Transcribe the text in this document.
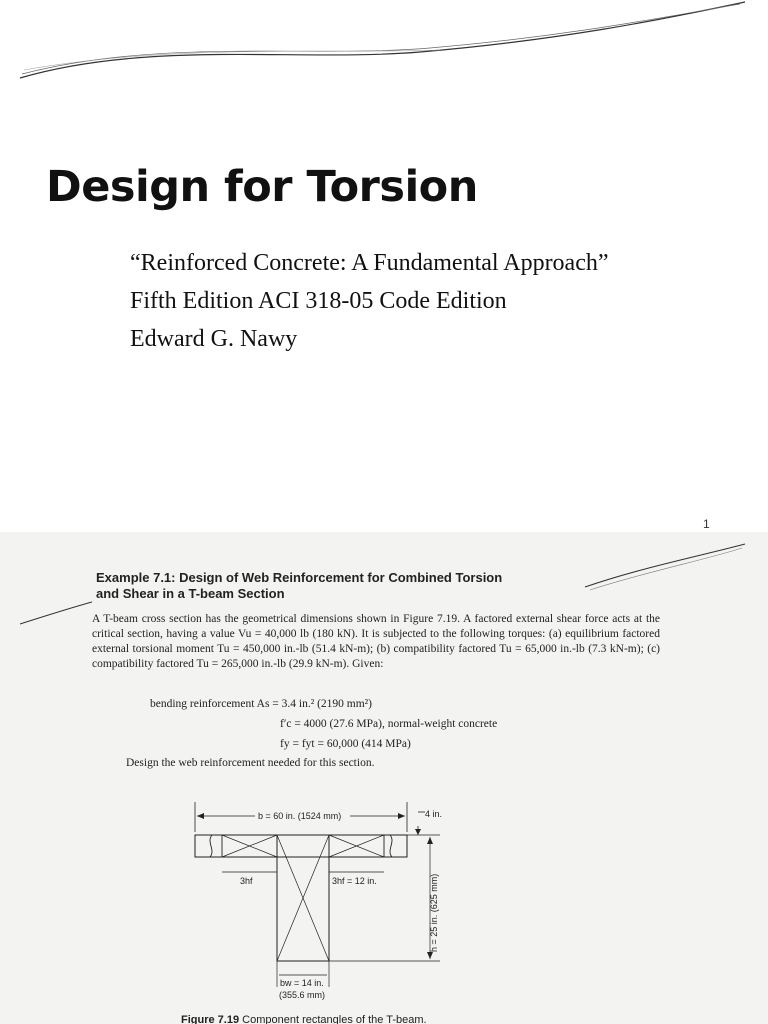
Design for Torsion
“Reinforced Concrete: A Fundamental Approach”
Fifth Edition ACI 318-05 Code Edition
Edward G. Nawy
1
Example 7.1: Design of Web Reinforcement for Combined Torsion
and Shear in a T-beam Section

A T-beam cross section has the geometrical dimensions shown in Figure 7.19. A factored external shear force acts at the critical section, having a value Vu = 40,000 lb (180 kN). It is subjected to the following torques: (a) equilibrium factored external torsional moment Tu = 450,000 in.-lb (51.4 kN-m); (b) compatibility factored Tu = 65,000 in.-lb (7.3 kN-m); (c) compatibility factored Tu = 265,000 in.-lb (29.9 kN-m). Given:

bending reinforcement As = 3.4 in.² (2190 mm²)
f′c = 4000 (27.6 MPa), normal-weight concrete
fy = fyt = 60,000 (414 MPa)
Design the web reinforcement needed for this section.
b = 60 in. (1524 mm)	4 in.
3hf	3hf = 12 in.	h = 25 in. (625 mm)
bw = 14 in.
(355.6 mm)
Figure 7.19 Component rectangles of the T-beam.
